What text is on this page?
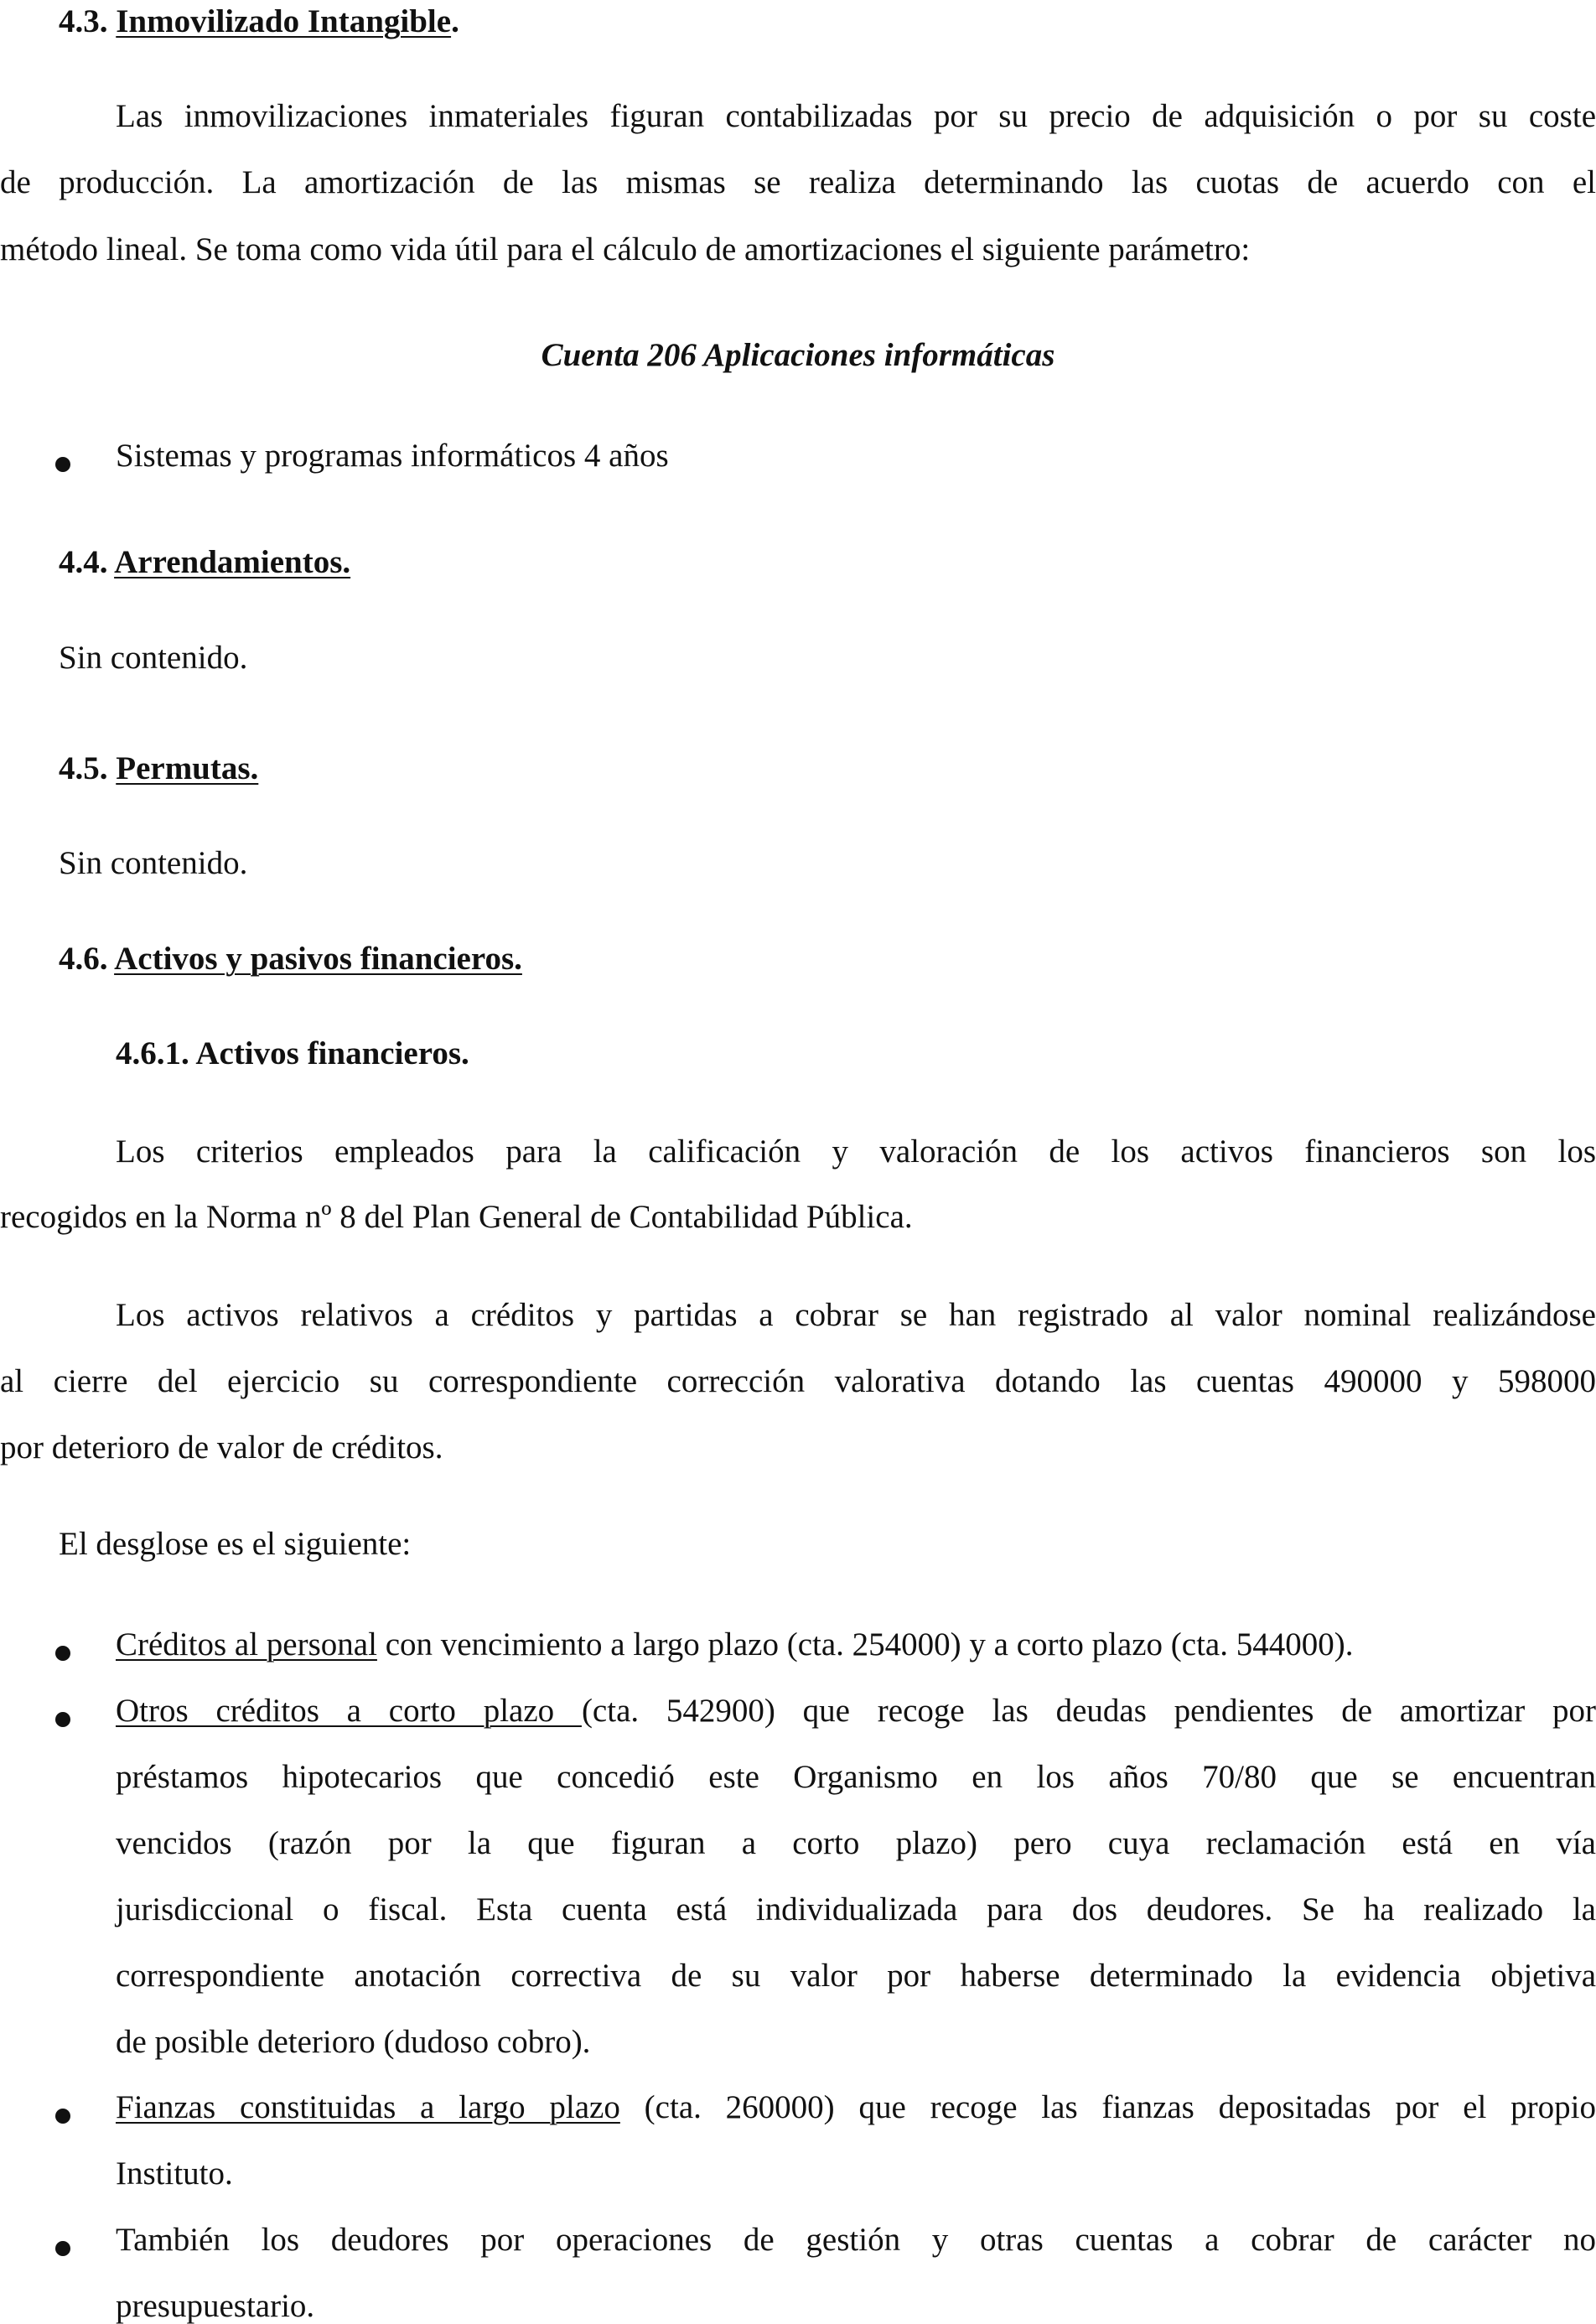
4.3. Inmovilizado Intangible.
Las inmovilizaciones inmateriales figuran contabilizadas por su precio de adquisición o por su coste
de producción. La amortización de las mismas se realiza determinando las cuotas de acuerdo con el
método lineal. Se toma como vida útil para el cálculo de amortizaciones el siguiente parámetro:
Cuenta 206 Aplicaciones informáticas
Sistemas y programas informáticos 4 años
4.4. Arrendamientos.
Sin contenido.
4.5. Permutas.
Sin contenido.
4.6. Activos y pasivos financieros.
4.6.1. Activos financieros.
Los criterios empleados para la calificación y valoración de los activos financieros son los
recogidos en la Norma nº 8 del Plan General de Contabilidad Pública.
Los activos relativos a créditos y partidas a cobrar se han registrado al valor nominal realizándose
al cierre del ejercicio su correspondiente corrección valorativa dotando las cuentas 490000 y 598000
por deterioro de valor de créditos.
El desglose es el siguiente:
Créditos al personal con vencimiento a largo plazo (cta. 254000) y a corto plazo (cta. 544000).
Otros créditos a corto plazo (cta. 542900) que recoge las deudas pendientes de amortizar por
préstamos hipotecarios que concedió este Organismo en los años 70/80 que se encuentran
vencidos (razón por la que figuran a corto plazo) pero cuya reclamación está en vía
jurisdiccional o fiscal. Esta cuenta está individualizada para dos deudores. Se ha realizado la
correspondiente anotación correctiva de su valor por haberse determinado la evidencia objetiva
de posible deterioro (dudoso cobro).
Fianzas constituidas a largo plazo (cta. 260000) que recoge las fianzas depositadas por el propio
Instituto.
También los deudores por operaciones de gestión y otras cuentas a cobrar de carácter no
presupuestario.
